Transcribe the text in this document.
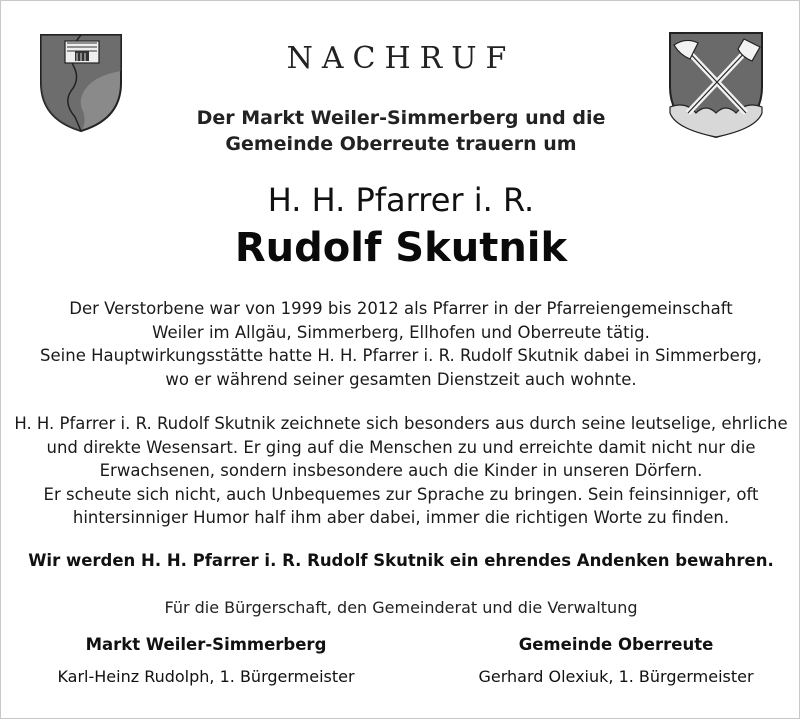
NACHRUF
Der Markt Weiler-Simmerberg und die
Gemeinde Oberreute trauern um
H. H. Pfarrer i. R.
Rudolf Skutnik
Der Verstorbene war von 1999 bis 2012 als Pfarrer in der Pfarreiengemeinschaft
Weiler im Allgäu, Simmerberg, Ellhofen und Oberreute tätig.
Seine Hauptwirkungsstätte hatte H. H. Pfarrer i. R. Rudolf Skutnik dabei in Simmerberg,
wo er während seiner gesamten Dienstzeit auch wohnte.
H. H. Pfarrer i. R. Rudolf Skutnik zeichnete sich besonders aus durch seine leutselige, ehrliche
und direkte Wesensart. Er ging auf die Menschen zu und erreichte damit nicht nur die
Erwachsenen, sondern insbesondere auch die Kinder in unseren Dörfern.
Er scheute sich nicht, auch Unbequemes zur Sprache zu bringen. Sein feinsinniger, oft
hintersinniger Humor half ihm aber dabei, immer die richtigen Worte zu finden.
Wir werden H. H. Pfarrer i. R. Rudolf Skutnik ein ehrendes Andenken bewahren.
Für die Bürgerschaft, den Gemeinderat und die Verwaltung
Markt Weiler-Simmerberg
Karl-Heinz Rudolph, 1. Bürgermeister
Gemeinde Oberreute
Gerhard Olexiuk, 1. Bürgermeister
